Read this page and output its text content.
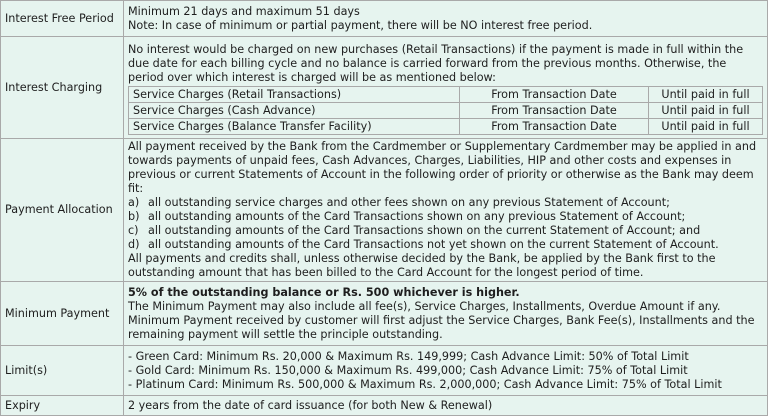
Interest Free Period	
Minimum 21 days and maximum 51 days
Note: In case of minimum or partial payment, there will be NO interest free period.

Interest Charging	
No interest would be charged on new purchases (Retail Transactions) if the payment is made in full within the due date for each billing cycle and no balance is carried forward from the previous months. Otherwise, the period over which interest is charged will be as mentioned below:
Service Charges (Retail Transactions)	From Transaction Date	Until paid in full
Service Charges (Cash Advance)	From Transaction Date	Until paid in full
Service Charges (Balance Transfer Facility)	From Transaction Date	Until paid in full

Payment Allocation	
All payment received by the Bank from the Cardmember or Supplementary Cardmember may be applied in and towards payments of unpaid fees, Cash Advances, Charges, Liabilities, HIP and other costs and expenses in previous or current Statements of Account in the following order of priority or otherwise as the Bank may deem fit:
a) all outstanding service charges and other fees shown on any previous Statement of Account;
b) all outstanding amounts of the Card Transactions shown on any previous Statement of Account;
c) all outstanding amounts of the Card Transactions shown on the current Statement of Account; and
d) all outstanding amounts of the Card Transactions not yet shown on the current Statement of Account.
All payments and credits shall, unless otherwise decided by the Bank, be applied by the Bank first to the outstanding amount that has been billed to the Card Account for the longest period of time.

Minimum Payment	
5% of the outstanding balance or Rs. 500 whichever is higher.
The Minimum Payment may also include all fee(s), Service Charges, Installments, Overdue Amount if any. Minimum Payment received by customer will first adjust the Service Charges, Bank Fee(s), Installments and the remaining payment will settle the principle outstanding.

Limit(s)	
- Green Card: Minimum Rs. 20,000 & Maximum Rs. 149,999; Cash Advance Limit: 50% of Total Limit
- Gold Card: Minimum Rs. 150,000 & Maximum Rs. 499,000; Cash Advance Limit: 75% of Total Limit
- Platinum Card: Minimum Rs. 500,000 & Maximum Rs. 2,000,000; Cash Advance Limit: 75% of Total Limit

Expiry	2 years from the date of card issuance (for both New & Renewal)
